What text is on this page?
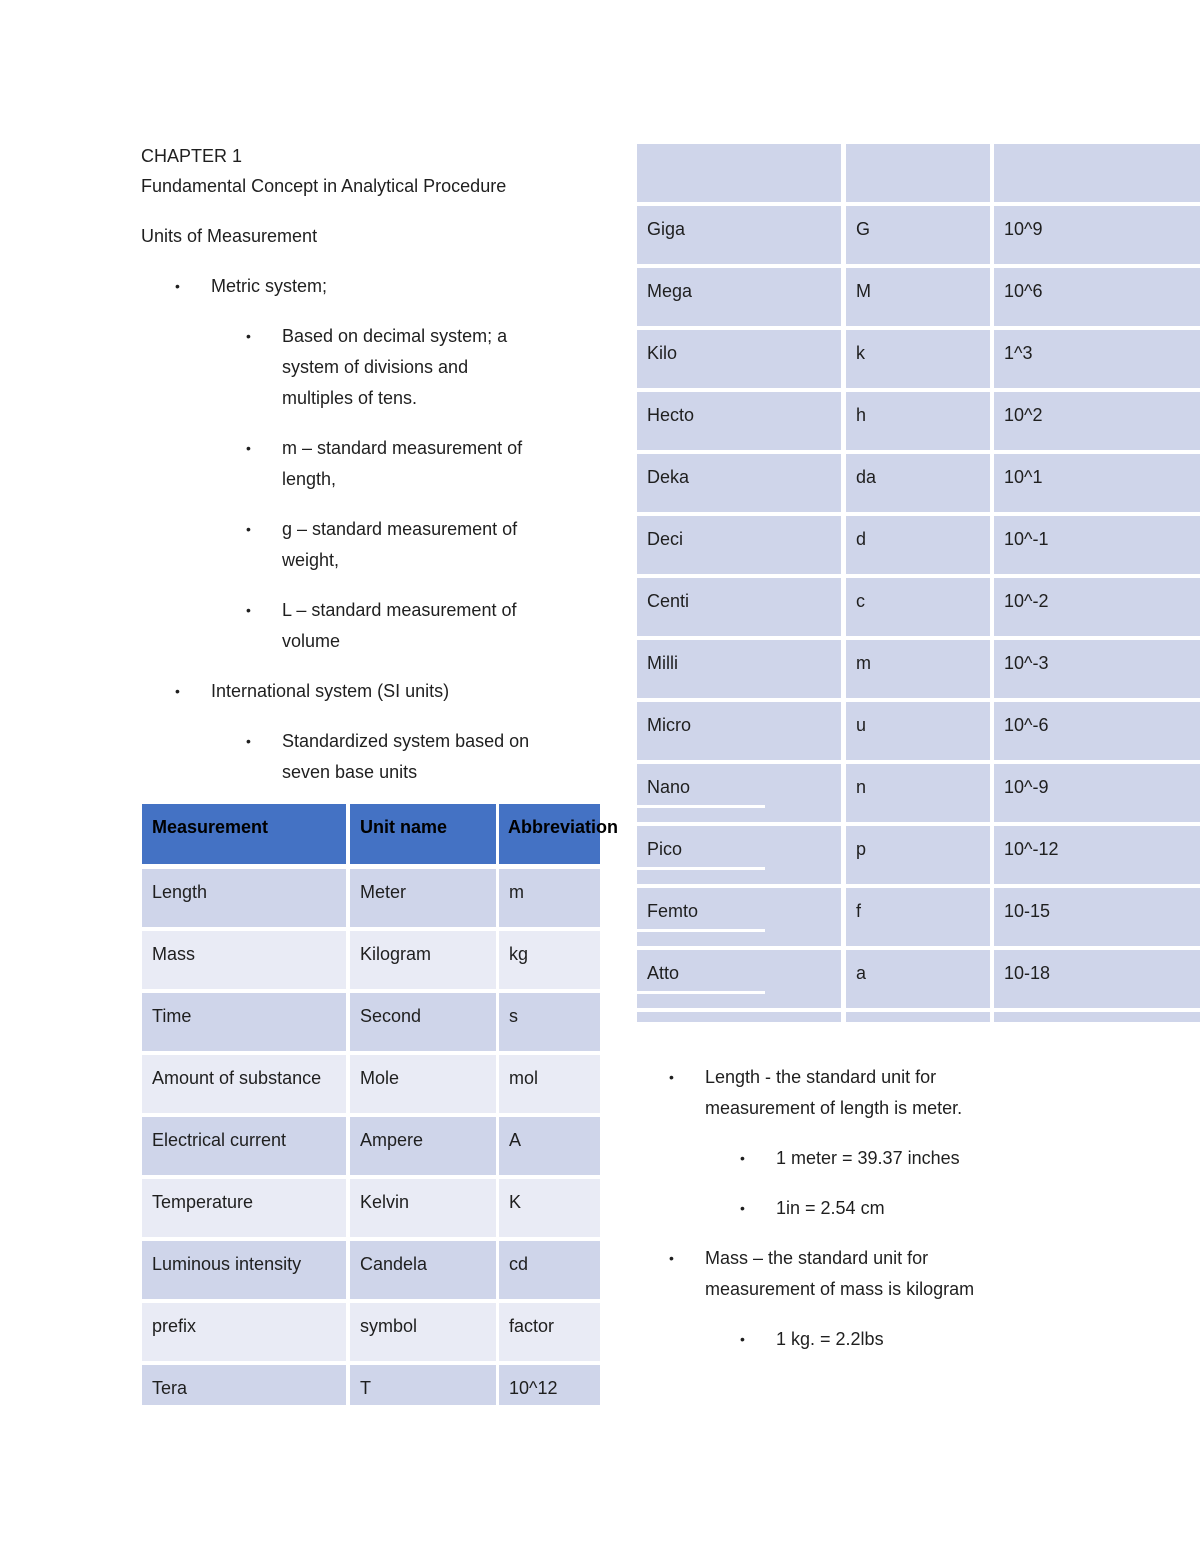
CHAPTER 1
Fundamental Concept in Analytical Procedure
Units of Measurement
• Metric system;
• Based on decimal system; a
system of divisions and
multiples of tens.
• m – standard measurement of
length,
• g – standard measurement of
weight,
• L – standard measurement of
volume
• International system (SI units)
• Standardized system based on
seven base units
Measurement	Unit name	Abbreviation
Length	Meter	m
Mass	Kilogram	kg
Time	Second	s
Amount of substance	Mole	mol
Electrical current	Ampere	A
Temperature	Kelvin	K
Luminous intensity	Candela	cd
prefix	symbol	factor
Tera	T	10^12
Giga	G	10^9
Mega	M	10^6
Kilo	k	1^3
Hecto	h	10^2
Deka	da	10^1
Deci	d	10^-1
Centi	c	10^-2
Milli	m	10^-3
Micro	u	10^-6
Nano	n	10^-9
Pico	p	10^-12
Femto	f	10-15
Atto	a	10-18
• Length - the standard unit for
measurement of length is meter.
• 1 meter = 39.37 inches
• 1in = 2.54 cm
• Mass – the standard unit for
measurement of mass is kilogram
• 1 kg. = 2.2lbs
